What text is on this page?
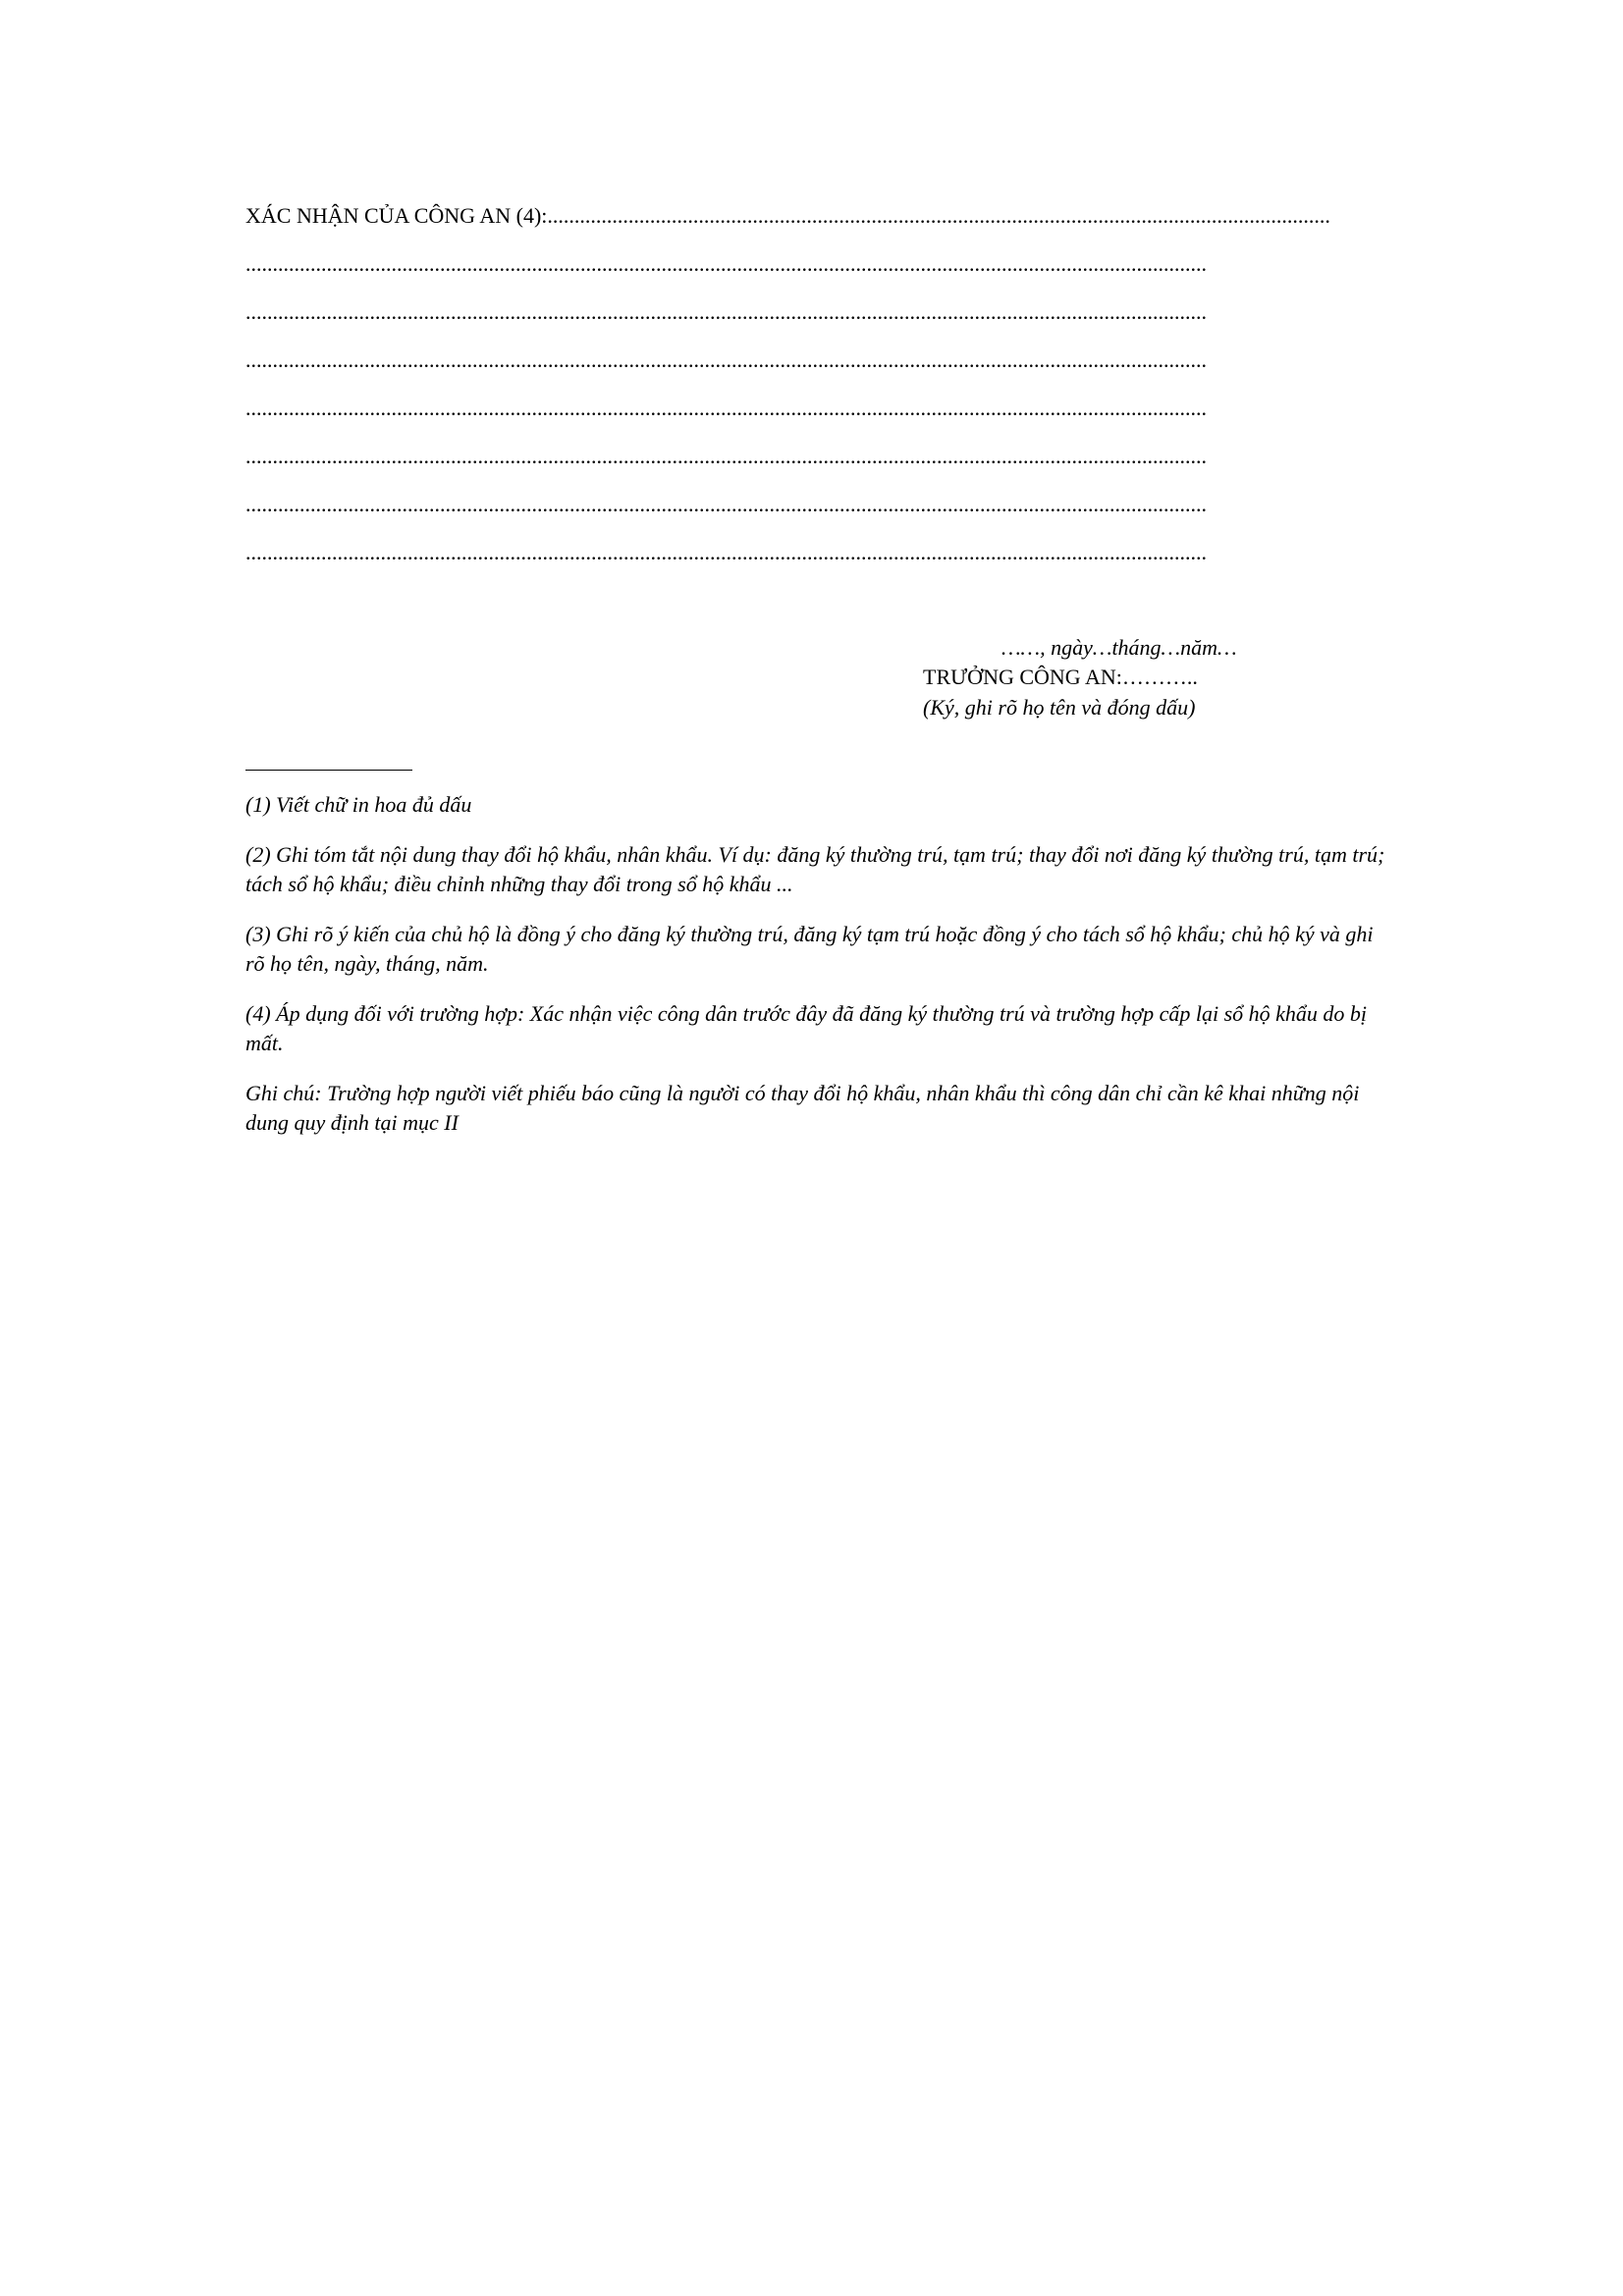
XÁC NHẬN CỦA CÔNG AN (4):.................................................................................................................................................
..................................................................................................................................................................................
..................................................................................................................................................................................
..................................................................................................................................................................................
..................................................................................................................................................................................
..................................................................................................................................................................................
..................................................................................................................................................................................
..................................................................................................................................................................................
……, ngày…tháng…năm…
TRƯỞNG CÔNG AN:………..
(Ký, ghi rõ họ tên và đóng dấu)
(1) Viết chữ in hoa đủ dấu
(2) Ghi tóm tắt nội dung thay đổi hộ khẩu, nhân khẩu. Ví dụ: đăng ký thường trú, tạm trú; thay đổi nơi đăng ký thường trú, tạm trú; tách sổ hộ khẩu; điều chỉnh những thay đổi trong sổ hộ khẩu ...
(3) Ghi rõ ý kiến của chủ hộ là đồng ý cho đăng ký thường trú, đăng ký tạm trú hoặc đồng ý cho tách sổ hộ khẩu; chủ hộ ký và ghi rõ họ tên, ngày, tháng, năm.
(4) Áp dụng đối với trường hợp: Xác nhận việc công dân trước đây đã đăng ký thường trú và trường hợp cấp lại sổ hộ khẩu do bị mất.
Ghi chú: Trường hợp người viết phiếu báo cũng là người có thay đổi hộ khẩu, nhân khẩu thì công dân chỉ cần kê khai những nội dung quy định tại mục II
